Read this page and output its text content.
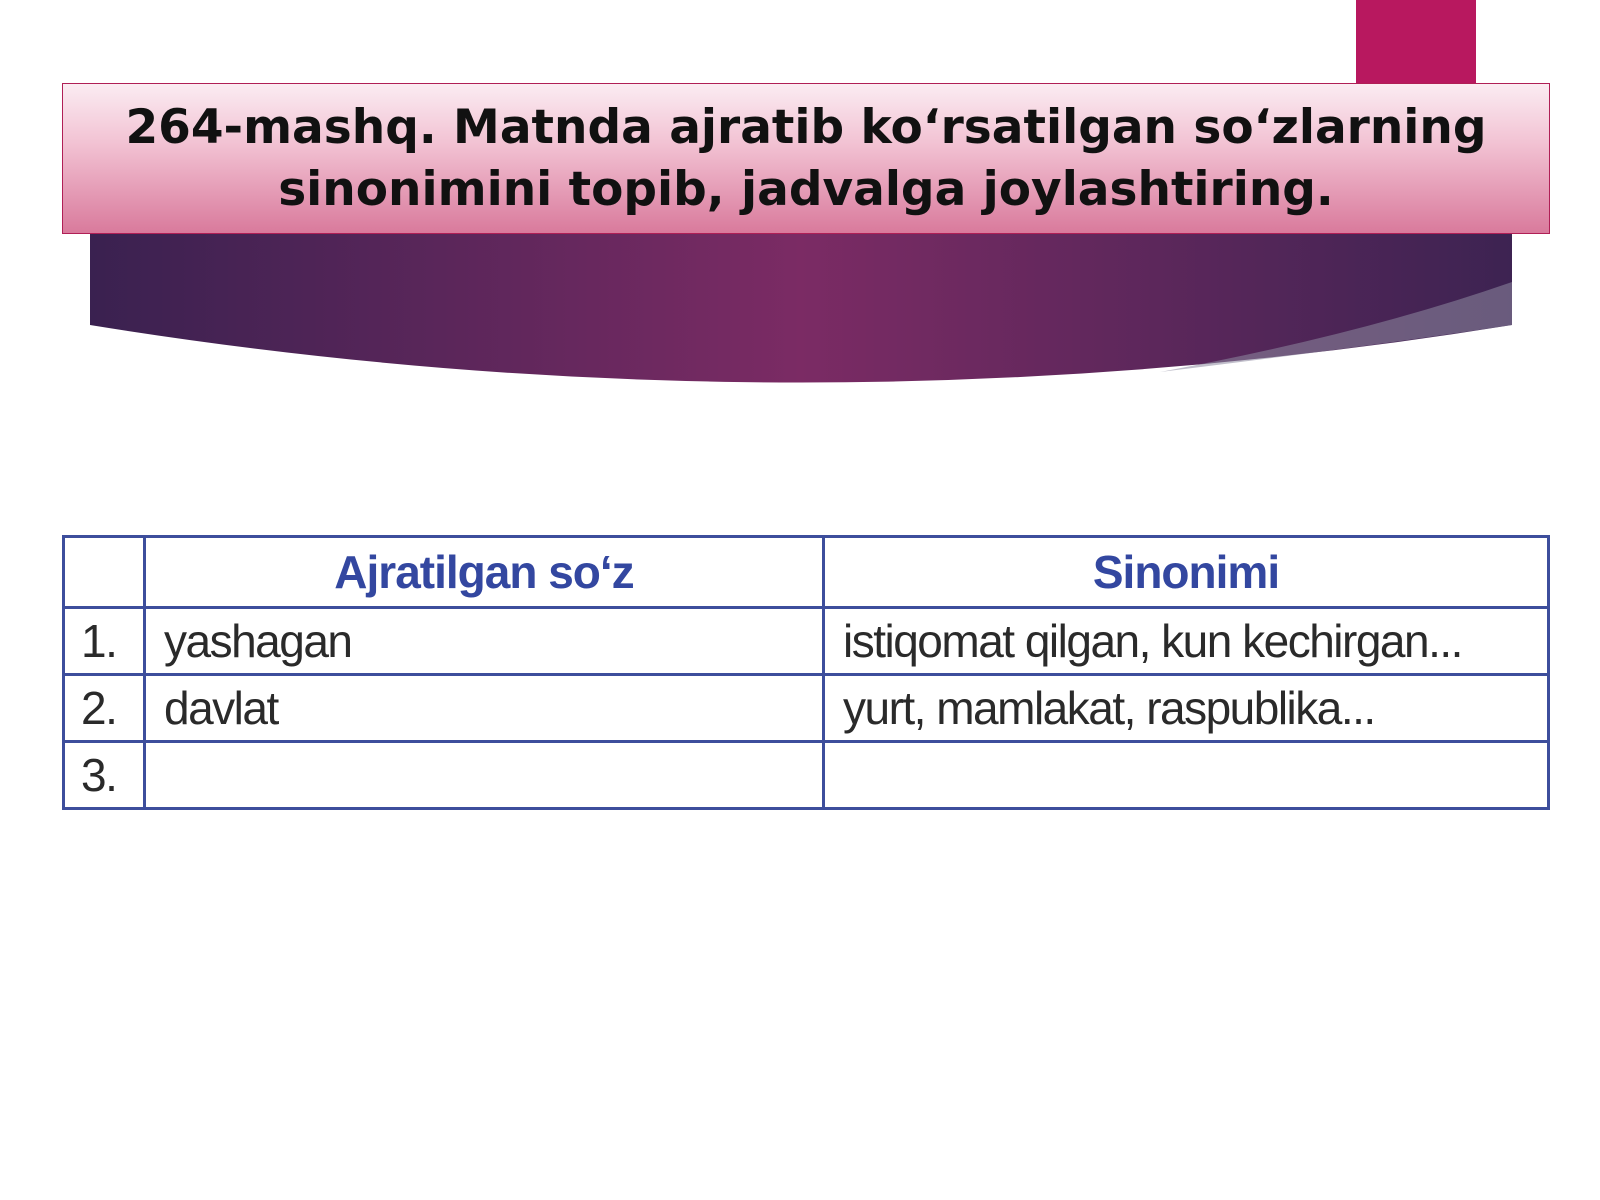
264-mashq. Matnda ajratib ko‘rsatilgan so‘zlarning
sinonimini topib, jadvalga joylashtiring.
	Ajratilgan so‘z	Sinonimi
1.	yashagan	istiqomat qilgan, kun kechirgan...
2.	davlat	yurt, mamlakat, raspublika...
3.		
